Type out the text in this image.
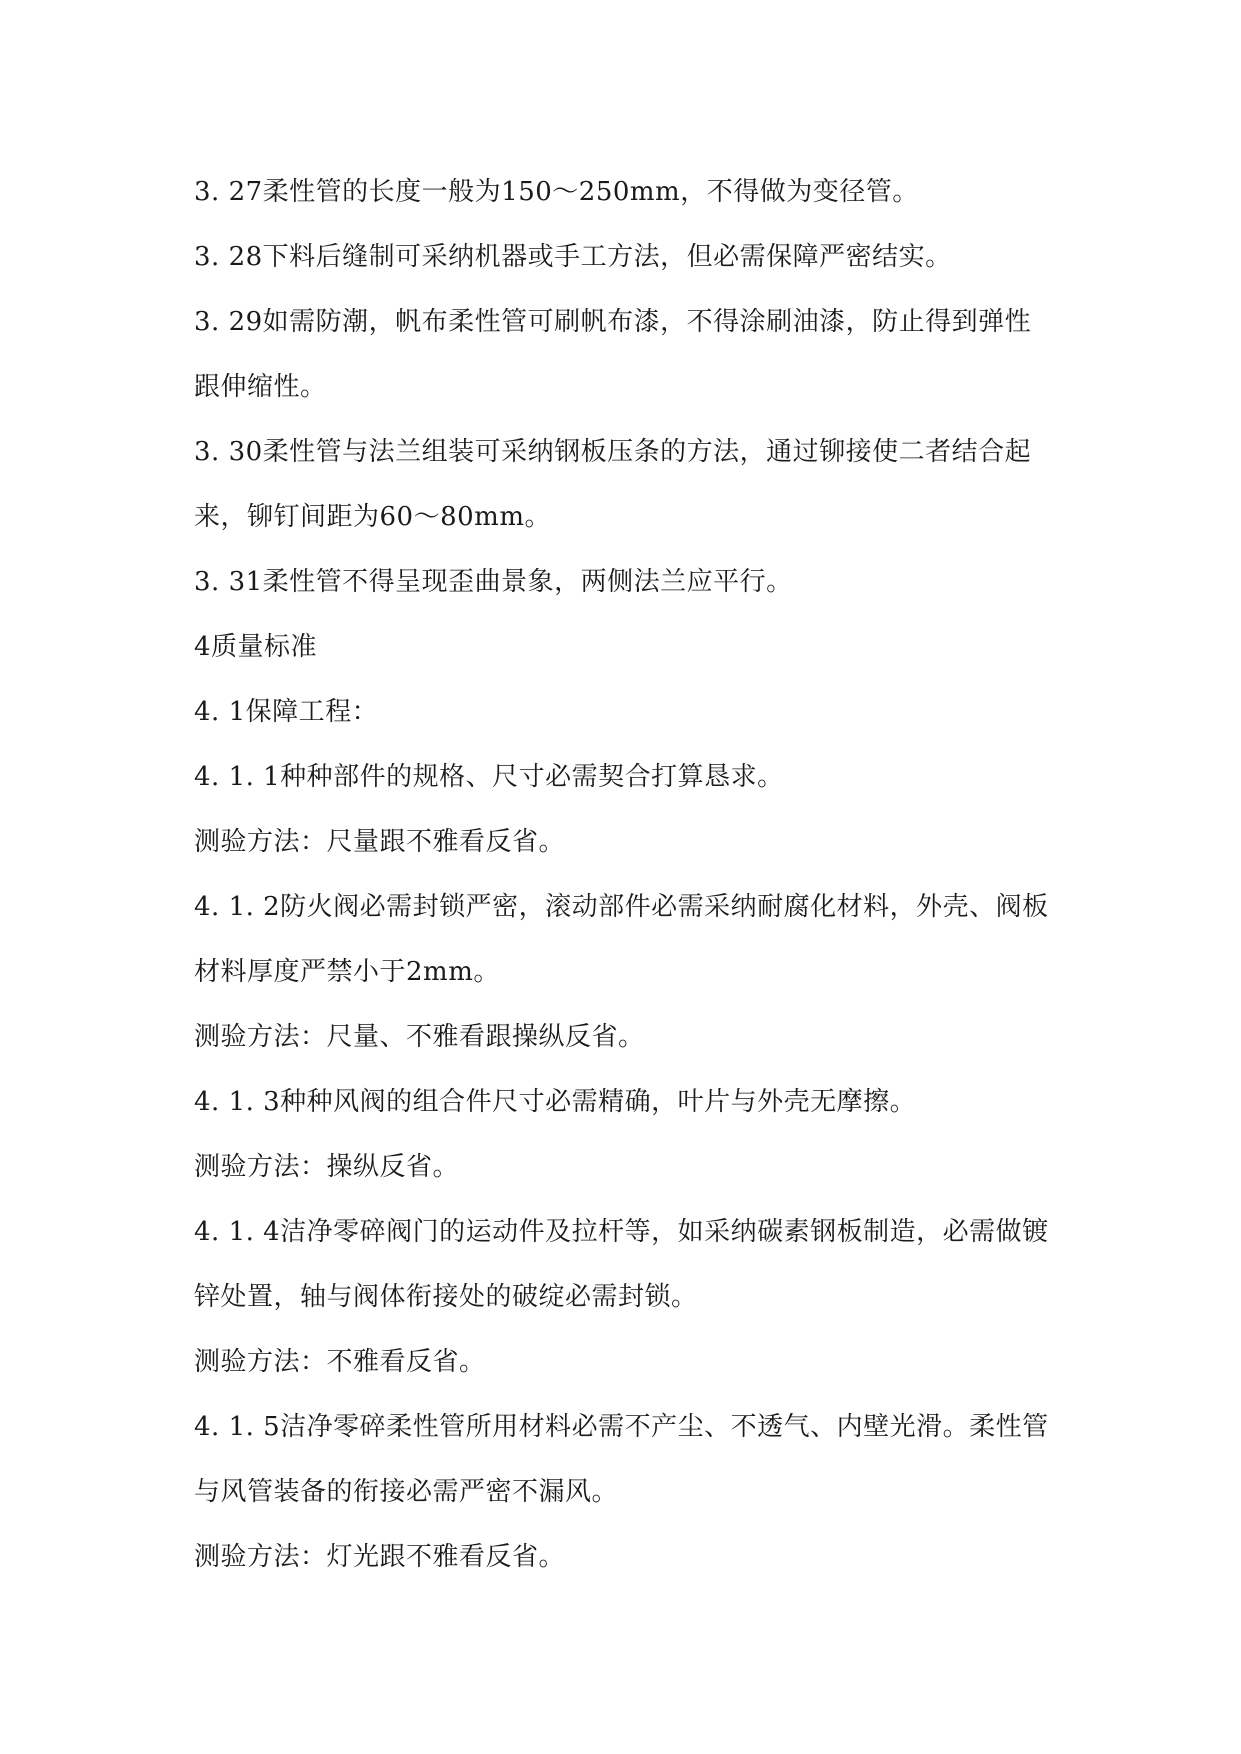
3. 27柔性管的长度一般为150～250mm，不得做为变径管。

3. 28下料后缝制可采纳机器或手工方法，但必需保障严密结实。

3. 29如需防潮，帆布柔性管可刷帆布漆，不得涂刷油漆，防止得到弹性跟伸缩性。

3. 30柔性管与法兰组装可采纳钢板压条的方法，通过铆接使二者结合起来，铆钉间距为60～80mm。

3. 31柔性管不得呈现歪曲景象，两侧法兰应平行。

4质量标准

4. 1保障工程：

4. 1. 1种种部件的规格、尺寸必需契合打算恳求。

测验方法：尺量跟不雅看反省。

4. 1. 2防火阀必需封锁严密，滚动部件必需采纳耐腐化材料，外壳、阀板材料厚度严禁小于2mm。

测验方法：尺量、不雅看跟操纵反省。

4. 1. 3种种风阀的组合件尺寸必需精确，叶片与外壳无摩擦。

测验方法：操纵反省。

4. 1. 4洁净零碎阀门的运动件及拉杆等，如采纳碳素钢板制造，必需做镀锌处置，轴与阀体衔接处的破绽必需封锁。

测验方法：不雅看反省。

4. 1. 5洁净零碎柔性管所用材料必需不产尘、不透气、内壁光滑。柔性管与风管装备的衔接必需严密不漏风。

测验方法：灯光跟不雅看反省。
